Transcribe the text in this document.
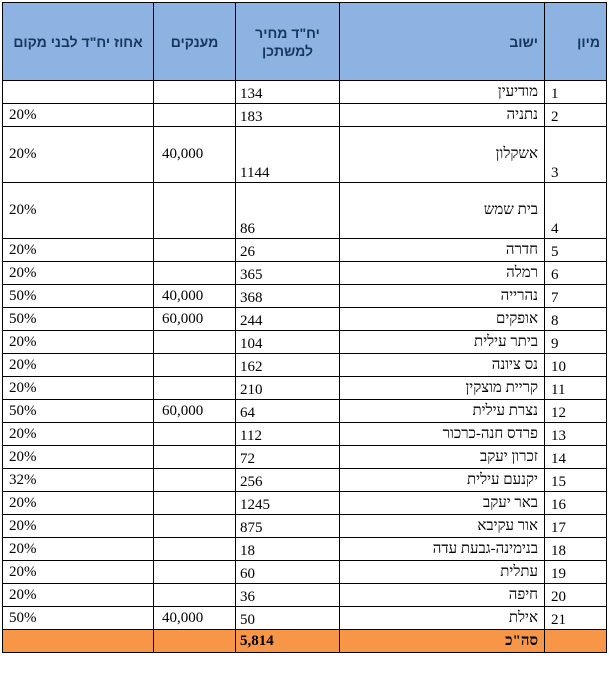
מיון	ישוב	יח"ד מחיר למשתכן	מענקים	אחוז יח"ד לבני מקום
1	מודיעין	134		
2	נתניה	183		20%
3	אשקלון	1144	40,000	20%
4	בית שמש	86		20%
5	חדרה	26		20%
6	רמלה	365		20%
7	נהרייה	368	40,000	50%
8	אופקים	244	60,000	50%
9	ביתר עילית	104		20%
10	נס ציונה	162		20%
11	קריית מוצקין	210		20%
12	נצרת עילית	64	60,000	50%
13	פרדס חנה-כרכור	112		20%
14	זכרון יעקב	72		20%
15	יקנעם עילית	256		32%
16	באר יעקב	1245		20%
17	אור עקיבא	875		20%
18	בנימינה-גבעת עדה	18		20%
19	עתלית	60		20%
20	חיפה	36		20%
21	אילת	50	40,000	50%
	סה"כ	5,814		
